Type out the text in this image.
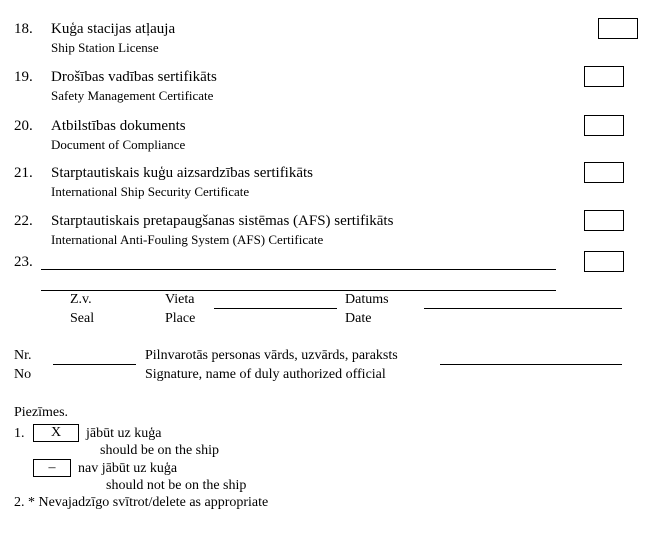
18. Kuģa stacijas atļauja
Ship Station License
19. Drošības vadības sertifikāts
Safety Management Certificate
20. Atbilstības dokuments
Document of Compliance
21. Starptautiskais kuģu aizsardzības sertifikāts
International Ship Security Certificate
22. Starptautiskais pretapaugšanas sistēmas (AFS) sertifikāts
International Anti-Fouling System (AFS) Certificate
23.
Z.v.
Seal
Vieta
Place
Datums
Date
Nr.
No
Pilnvarotās personas vārds, uzvārds, paraksts
Signature, name of duly authorized official
Piezīmes.
1.	X	jābūt uz kuģa
should be on the ship
–	nav jābūt uz kuģa
should not be on the ship
2. * Nevajadzīgo svītrot/delete as appropriate
